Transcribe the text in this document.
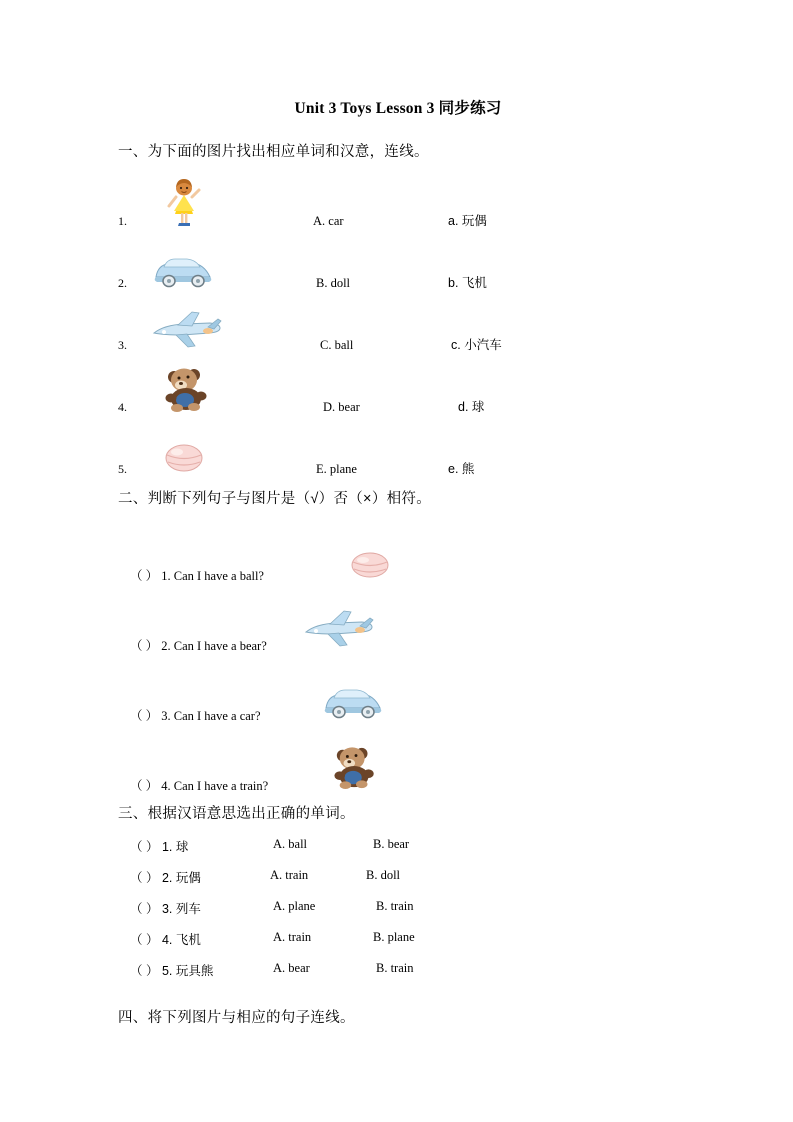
Unit 3 Toys Lesson 3 同步练习
一、为下面的图片找出相应单词和汉意，连线。
1.	A. car	a. 玩偶
2.	B. doll	b. 飞机
3.	C. ball	c. 小汽车
4.	D. bear	d. 球
5.	E. plane	e. 熊
二、判断下列句子与图片是（√）否（×）相符。
（ ） 1. Can I have a ball?
（ ） 2. Can I have a bear?
（ ） 3. Can I have a car?
（ ） 4. Can I have a train?
三、根据汉语意思选出正确的单词。
（ ） 1. 球	A. ball	B. bear
（ ） 2. 玩偶	A. train	B. doll
（ ） 3. 列车	A. plane	B. train
（ ） 4. 飞机	A. train	B. plane
（ ） 5. 玩具熊	A. bear	B. train
四、将下列图片与相应的句子连线。
